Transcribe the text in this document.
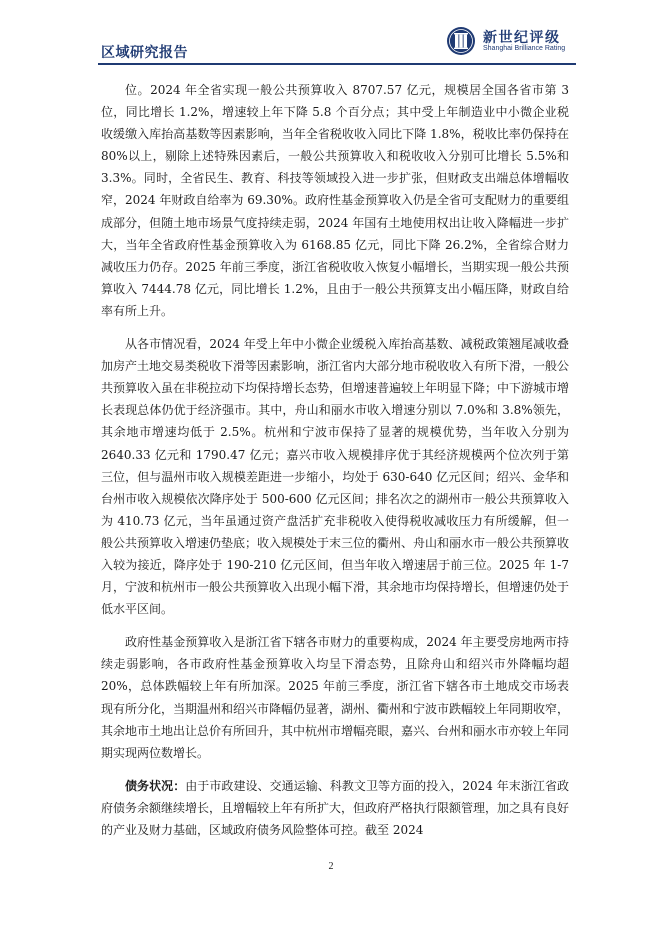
区域研究报告
新世纪评级
Shanghai Brilliance Rating

位。2024 年全省实现一般公共预算收入 8707.57 亿元，规模居全国各省市第 3 位，同比增长 1.2%，增速较上年下降 5.8 个百分点；其中受上年制造业中小微企业税收缓缴入库抬高基数等因素影响，当年全省税收收入同比下降 1.8%，税收比率仍保持在 80%以上，剔除上述特殊因素后，一般公共预算收入和税收收入分别可比增长 5.5%和 3.3%。同时，全省民生、教育、科技等领域投入进一步扩张，但财政支出端总体增幅收窄，2024 年财政自给率为 69.30%。政府性基金预算收入仍是全省可支配财力的重要组成部分，但随土地市场景气度持续走弱，2024 年国有土地使用权出让收入降幅进一步扩大，当年全省政府性基金预算收入为 6168.85 亿元，同比下降 26.2%，全省综合财力减收压力仍存。2025 年前三季度，浙江省税收收入恢复小幅增长，当期实现一般公共预算收入 7444.78 亿元，同比增长 1.2%，且由于一般公共预算支出小幅压降，财政自给率有所上升。

从各市情况看，2024 年受上年中小微企业缓税入库抬高基数、减税政策翘尾减收叠加房产土地交易类税收下滑等因素影响，浙江省内大部分地市税收收入有所下滑，一般公共预算收入虽在非税拉动下均保持增长态势，但增速普遍较上年明显下降；中下游城市增长表现总体仍优于经济强市。其中，舟山和丽水市收入增速分别以 7.0%和 3.8%领先，其余地市增速均低于 2.5%。杭州和宁波市保持了显著的规模优势，当年收入分别为 2640.33 亿元和 1790.47 亿元；嘉兴市收入规模排序优于其经济规模两个位次列于第三位，但与温州市收入规模差距进一步缩小，均处于 630-640 亿元区间；绍兴、金华和台州市收入规模依次降序处于 500-600 亿元区间；排名次之的湖州市一般公共预算收入为 410.73 亿元，当年虽通过资产盘活扩充非税收入使得税收减收压力有所缓解，但一般公共预算收入增速仍垫底；收入规模处于末三位的衢州、舟山和丽水市一般公共预算收入较为接近，降序处于 190-210 亿元区间，但当年收入增速居于前三位。2025 年 1-7 月，宁波和杭州市一般公共预算收入出现小幅下滑，其余地市均保持增长，但增速仍处于低水平区间。

政府性基金预算收入是浙江省下辖各市财力的重要构成，2024 年主要受房地两市持续走弱影响，各市政府性基金预算收入均呈下滑态势，且除舟山和绍兴市外降幅均超 20%，总体跌幅较上年有所加深。2025 年前三季度，浙江省下辖各市土地成交市场表现有所分化，当期温州和绍兴市降幅仍显著，湖州、衢州和宁波市跌幅较上年同期收窄，其余地市土地出让总价有所回升，其中杭州市增幅亮眼，嘉兴、台州和丽水市亦较上年同期实现两位数增长。

债务状况：由于市政建设、交通运输、科教文卫等方面的投入，2024 年末浙江省政府债务余额继续增长，且增幅较上年有所扩大，但政府严格执行限额管理，加之具有良好的产业及财力基础，区域政府债务风险整体可控。截至 2024

2
